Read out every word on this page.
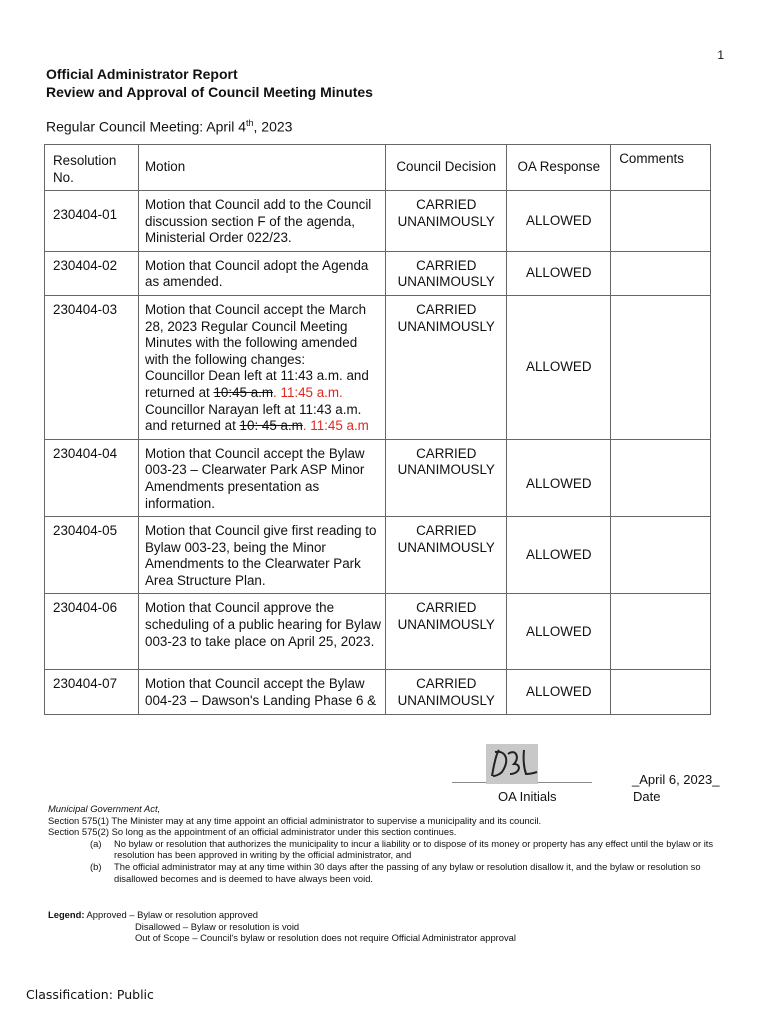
1
Official Administrator Report
Review and Approval of Council Meeting Minutes
Regular Council Meeting: April 4th, 2023
Resolution No.	Motion	Council Decision	OA Response	Comments
230404-01	Motion that Council add to the Council discussion section F of the agenda, Ministerial Order 022/23.	CARRIED UNANIMOUSLY	ALLOWED	
230404-02	Motion that Council adopt the Agenda as amended.	CARRIED UNANIMOUSLY	ALLOWED	
230404-03	Motion that Council accept the March 28, 2023 Regular Council Meeting Minutes with the following amended with the following changes:
Councillor Dean left at 11:43 a.m. and returned at 10:45 a.m. 11:45 a.m.
Councillor Narayan left at 11:43 a.m. and returned at 10: 45 a.m. 11:45 a.m	CARRIED UNANIMOUSLY	ALLOWED	
230404-04	Motion that Council accept the Bylaw 003-23 – Clearwater Park ASP Minor Amendments presentation as information.	CARRIED UNANIMOUSLY	ALLOWED	
230404-05	Motion that Council give first reading to Bylaw 003-23, being the Minor Amendments to the Clearwater Park Area Structure Plan.	CARRIED UNANIMOUSLY	ALLOWED	
230404-06	Motion that Council approve the scheduling of a public hearing for Bylaw 003-23 to take place on April 25, 2023.	CARRIED UNANIMOUSLY	ALLOWED	
230404-07	Motion that Council accept the Bylaw 004-23 – Dawson's Landing Phase 6 &	CARRIED UNANIMOUSLY	ALLOWED	
OA Initials
_April 6, 2023_
Date
Municipal Government Act,
Section 575(1) The Minister may at any time appoint an official administrator to supervise a municipality and its council.
Section 575(2) So long as the appointment of an official administrator under this section continues.
(a)	No bylaw or resolution that authorizes the municipality to incur a liability or to dispose of its money or property has any effect until the bylaw or its resolution has been approved in writing by the official administrator, and
(b)	The official administrator may at any time within 30 days after the passing of any bylaw or resolution disallow it, and the bylaw or resolution so disallowed becomes and is deemed to have always been void.
Legend: Approved – Bylaw or resolution approved
Disallowed – Bylaw or resolution is void
Out of Scope – Council's bylaw or resolution does not require Official Administrator approval
Classification: Public
